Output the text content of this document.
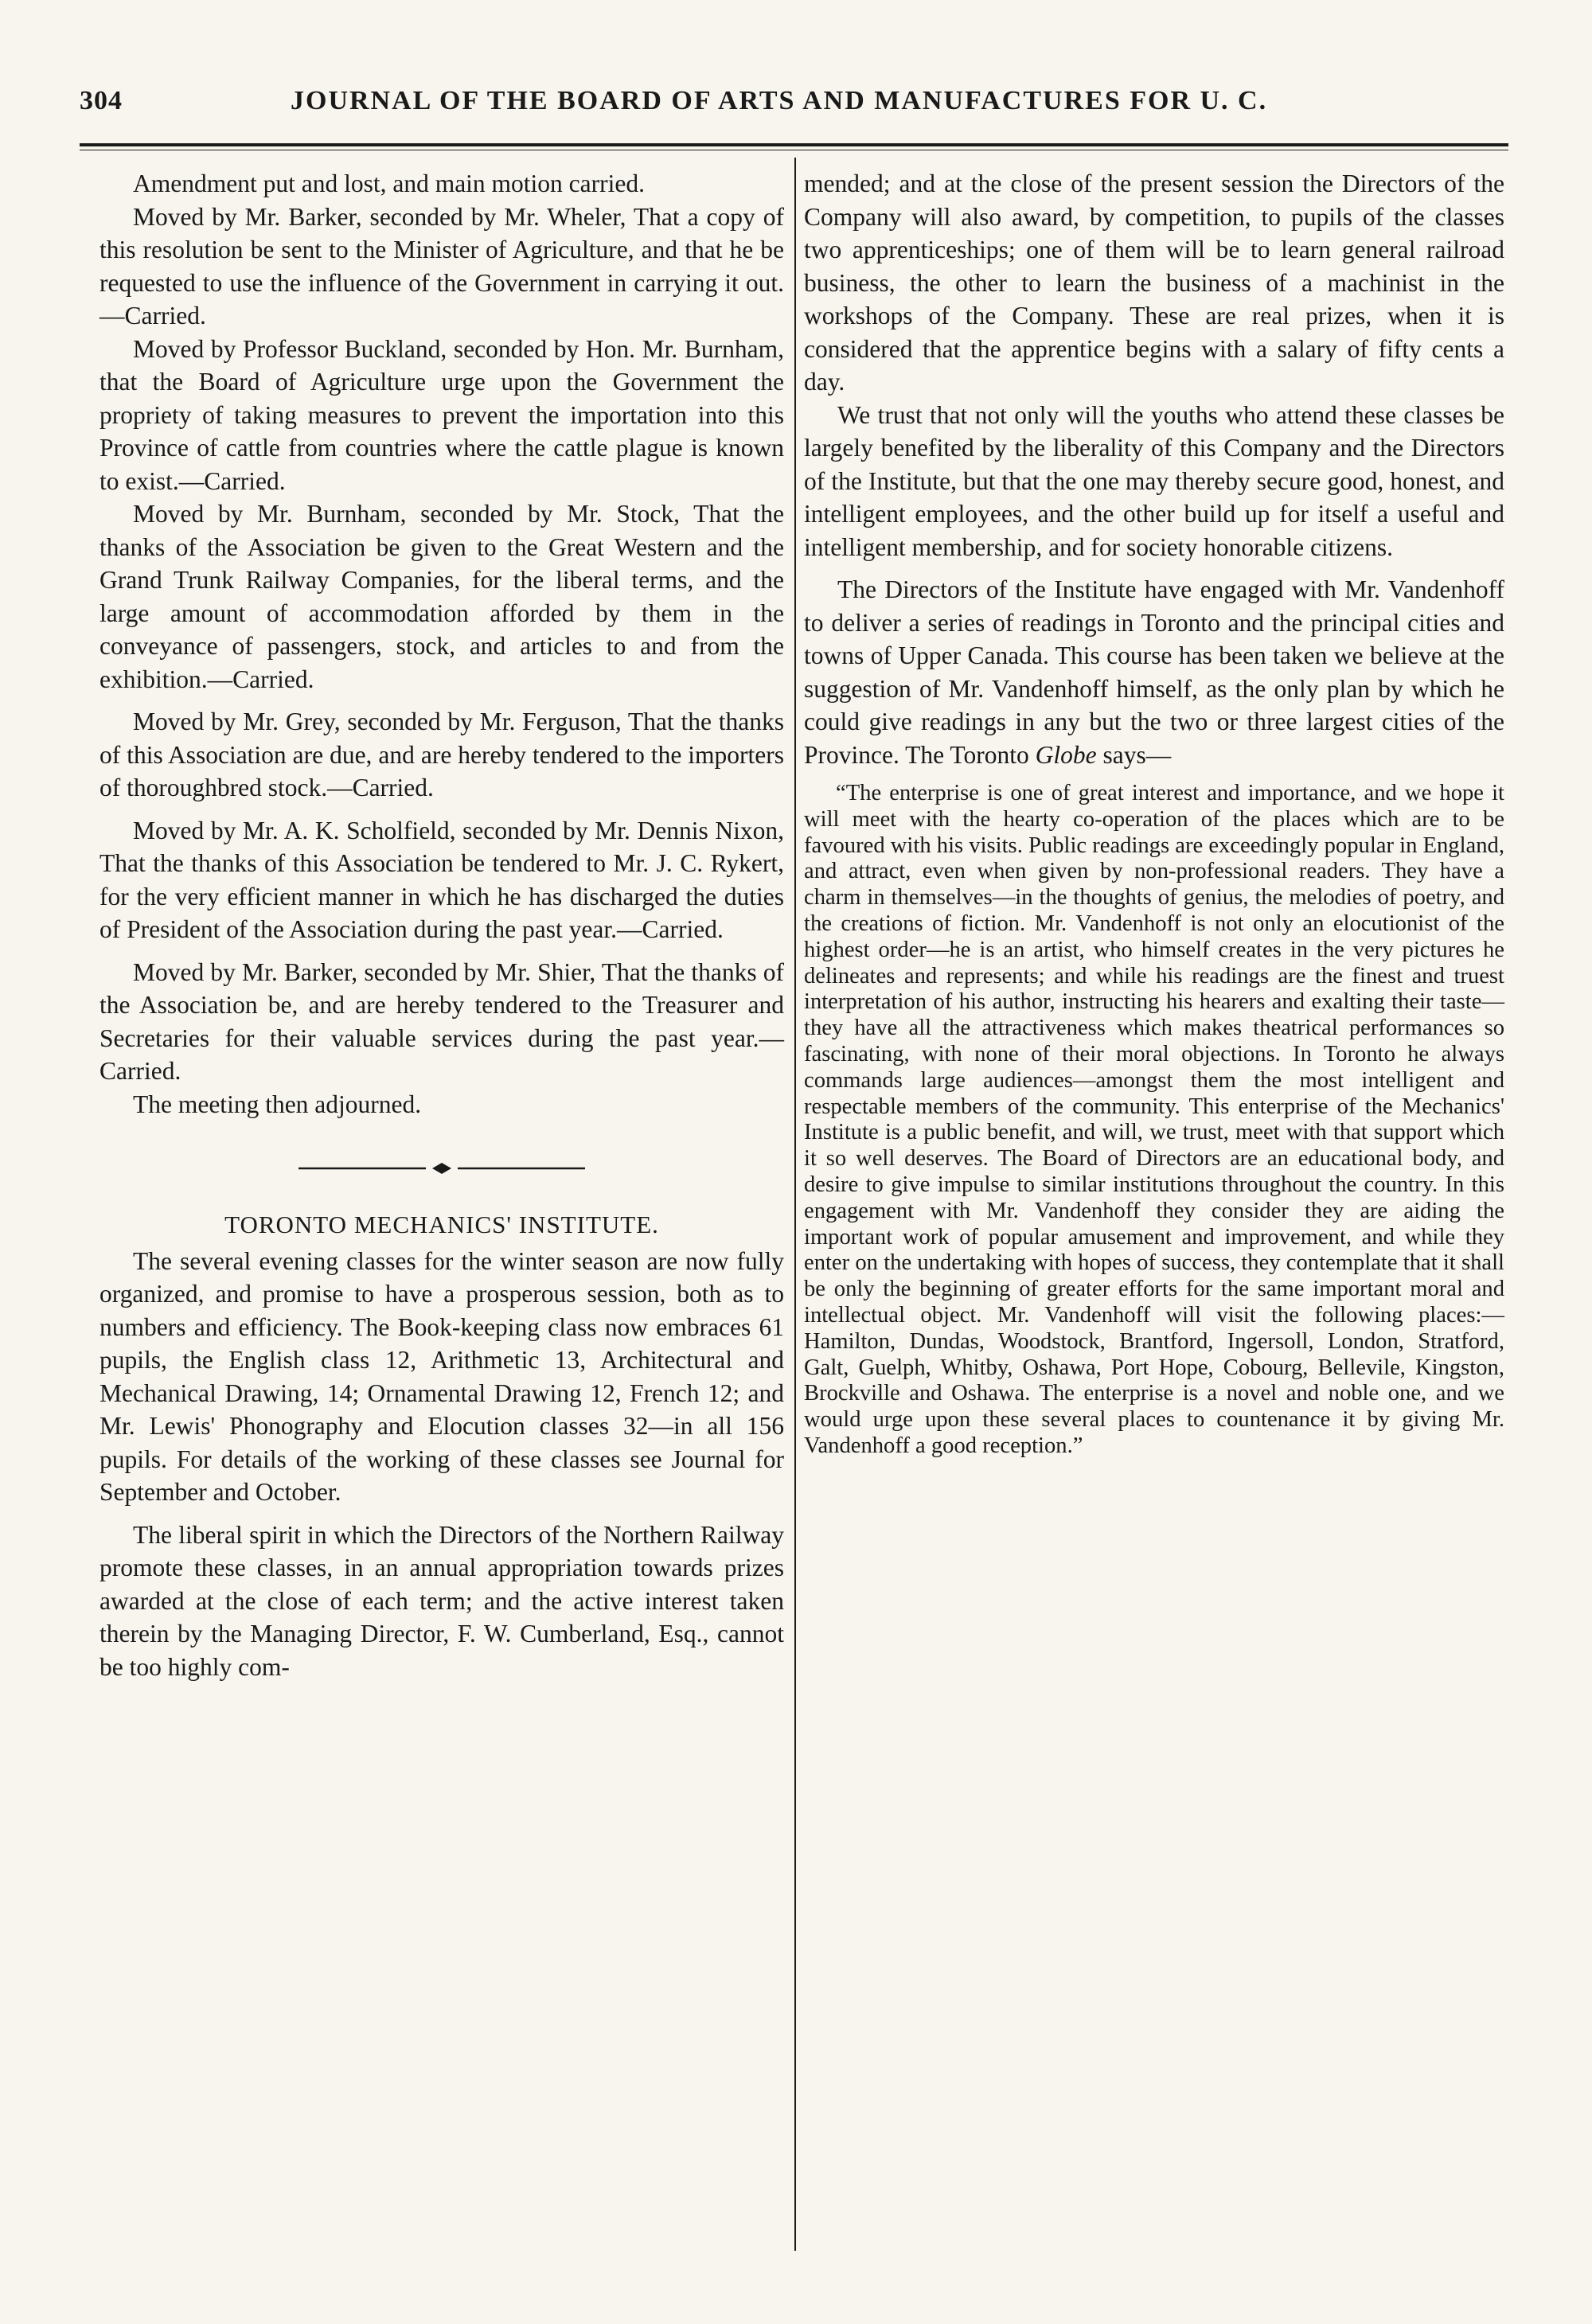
304	JOURNAL OF THE BOARD OF ARTS AND MANUFACTURES FOR U. C.

Amendment put and lost, and main motion carried.

Moved by Mr. Barker, seconded by Mr. Wheler, That a copy of this resolution be sent to the Minister of Agriculture, and that he be requested to use the influence of the Government in carrying it out. —Carried.

Moved by Professor Buckland, seconded by Hon. Mr. Burnham, that the Board of Agriculture urge upon the Government the propriety of taking measures to prevent the importation into this Province of cattle from countries where the cattle plague is known to exist.—Carried.

Moved by Mr. Burnham, seconded by Mr. Stock, That the thanks of the Association be given to the Great Western and the Grand Trunk Railway Companies, for the liberal terms, and the large amount of accommodation afforded by them in the conveyance of passengers, stock, and articles to and from the exhibition.—Carried.

Moved by Mr. Grey, seconded by Mr. Ferguson, That the thanks of this Association are due, and are hereby tendered to the importers of thoroughbred stock.—Carried.

Moved by Mr. A. K. Scholfield, seconded by Mr. Dennis Nixon, That the thanks of this Association be tendered to Mr. J. C. Rykert, for the very efficient manner in which he has discharged the duties of President of the Association during the past year.—Carried.

Moved by Mr. Barker, seconded by Mr. Shier, That the thanks of the Association be, and are hereby tendered to the Treasurer and Secretaries for their valuable services during the past year.—Carried.

The meeting then adjourned.

TORONTO MECHANICS' INSTITUTE.

The several evening classes for the winter season are now fully organized, and promise to have a prosperous session, both as to numbers and efficiency. The Book-keeping class now embraces 61 pupils, the English class 12, Arithmetic 13, Architectural and Mechanical Drawing, 14; Ornamental Drawing 12, French 12; and Mr. Lewis' Phonography and Elocution classes 32—in all 156 pupils. For details of the working of these classes see Journal for September and October.

The liberal spirit in which the Directors of the Northern Railway promote these classes, in an annual appropriation towards prizes awarded at the close of each term; and the active interest taken therein by the Managing Director, F. W. Cumberland, Esq., cannot be too highly com-

mended; and at the close of the present session the Directors of the Company will also award, by competition, to pupils of the classes two apprenticeships; one of them will be to learn general railroad business, the other to learn the business of a machinist in the workshops of the Company. These are real prizes, when it is considered that the apprentice begins with a salary of fifty cents a day.

We trust that not only will the youths who attend these classes be largely benefited by the liberality of this Company and the Directors of the Institute, but that the one may thereby secure good, honest, and intelligent employees, and the other build up for itself a useful and intelligent membership, and for society honorable citizens.

The Directors of the Institute have engaged with Mr. Vandenhoff to deliver a series of readings in Toronto and the principal cities and towns of Upper Canada. This course has been taken we believe at the suggestion of Mr. Vandenhoff himself, as the only plan by which he could give readings in any but the two or three largest cities of the Province. The Toronto Globe says—

“The enterprise is one of great interest and importance, and we hope it will meet with the hearty co-operation of the places which are to be favoured with his visits. Public readings are exceedingly popular in England, and attract, even when given by non-professional readers. They have a charm in themselves—in the thoughts of genius, the melodies of poetry, and the creations of fiction. Mr. Vandenhoff is not only an elocutionist of the highest order—he is an artist, who himself creates in the very pictures he delineates and represents; and while his readings are the finest and truest interpretation of his author, instructing his hearers and exalting their taste—they have all the attractiveness which makes theatrical performances so fascinating, with none of their moral objections. In Toronto he always commands large audiences—amongst them the most intelligent and respectable members of the community. This enterprise of the Mechanics' Institute is a public benefit, and will, we trust, meet with that support which it so well deserves. The Board of Directors are an educational body, and desire to give impulse to similar institutions throughout the country. In this engagement with Mr. Vandenhoff they consider they are aiding the important work of popular amusement and improvement, and while they enter on the undertaking with hopes of success, they contemplate that it shall be only the beginning of greater efforts for the same important moral and intellectual object. Mr. Vandenhoff will visit the following places:—Hamilton, Dundas, Woodstock, Brantford, Ingersoll, London, Stratford, Galt, Guelph, Whitby, Oshawa, Port Hope, Cobourg, Bellevile, Kingston, Brockville and Oshawa. The enterprise is a novel and noble one, and we would urge upon these several places to countenance it by giving Mr. Vandenhoff a good reception.”
